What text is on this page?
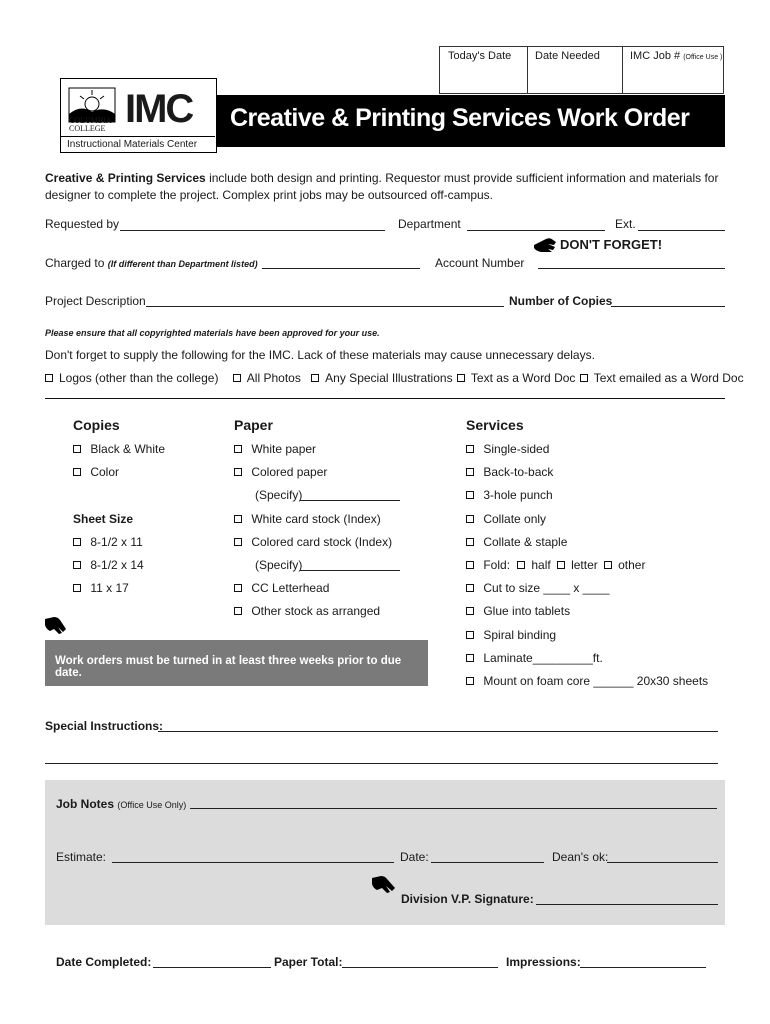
Today's Date	Date Needed	IMC Job # (Office Use )
Creative & Printing Services Work Order
COLUMBIA
COLLEGE IMC
Instructional Materials Center
Creative & Printing Services include both design and printing. Requestor must provide sufficient information and materials for
designer to complete the project. Complex print jobs may be outsourced off-campus.
Requested by	Department	Ext.
DON'T FORGET!
Charged to (If different than Department listed)	Account Number
Project Description	Number of Copies
Please ensure that all copyrighted materials have been approved for your use.
Don't forget to supply the following for the IMC. Lack of these materials may cause unnecessary delays.
Logos (other than the college) All Photos Any Special Illustrations Text as a Word Doc Text emailed as a Word Doc
Copies
Black & White
Color
Sheet Size
8-1/2 x 11
8-1/2 x 14
11 x 17
Paper
White paper
Colored paper
(Specify)
White card stock (Index)
Colored card stock (Index)
(Specify)
CC Letterhead
Other stock as arranged
Work orders must be turned in at least three weeks prior to due date.
Services
Single-sided
Back-to-back
3-hole punch
Collate only
Collate & staple
Fold: half letter other
Cut to size ____ x ____
Glue into tablets
Spiral binding
Laminate_________ft.
Mount on foam core ______ 20x30 sheets
Special Instructions:
Job Notes (Office Use Only)
Estimate:	Date:	Dean's ok:
Division V.P. Signature:
Date Completed:	Paper Total:	Impressions:
